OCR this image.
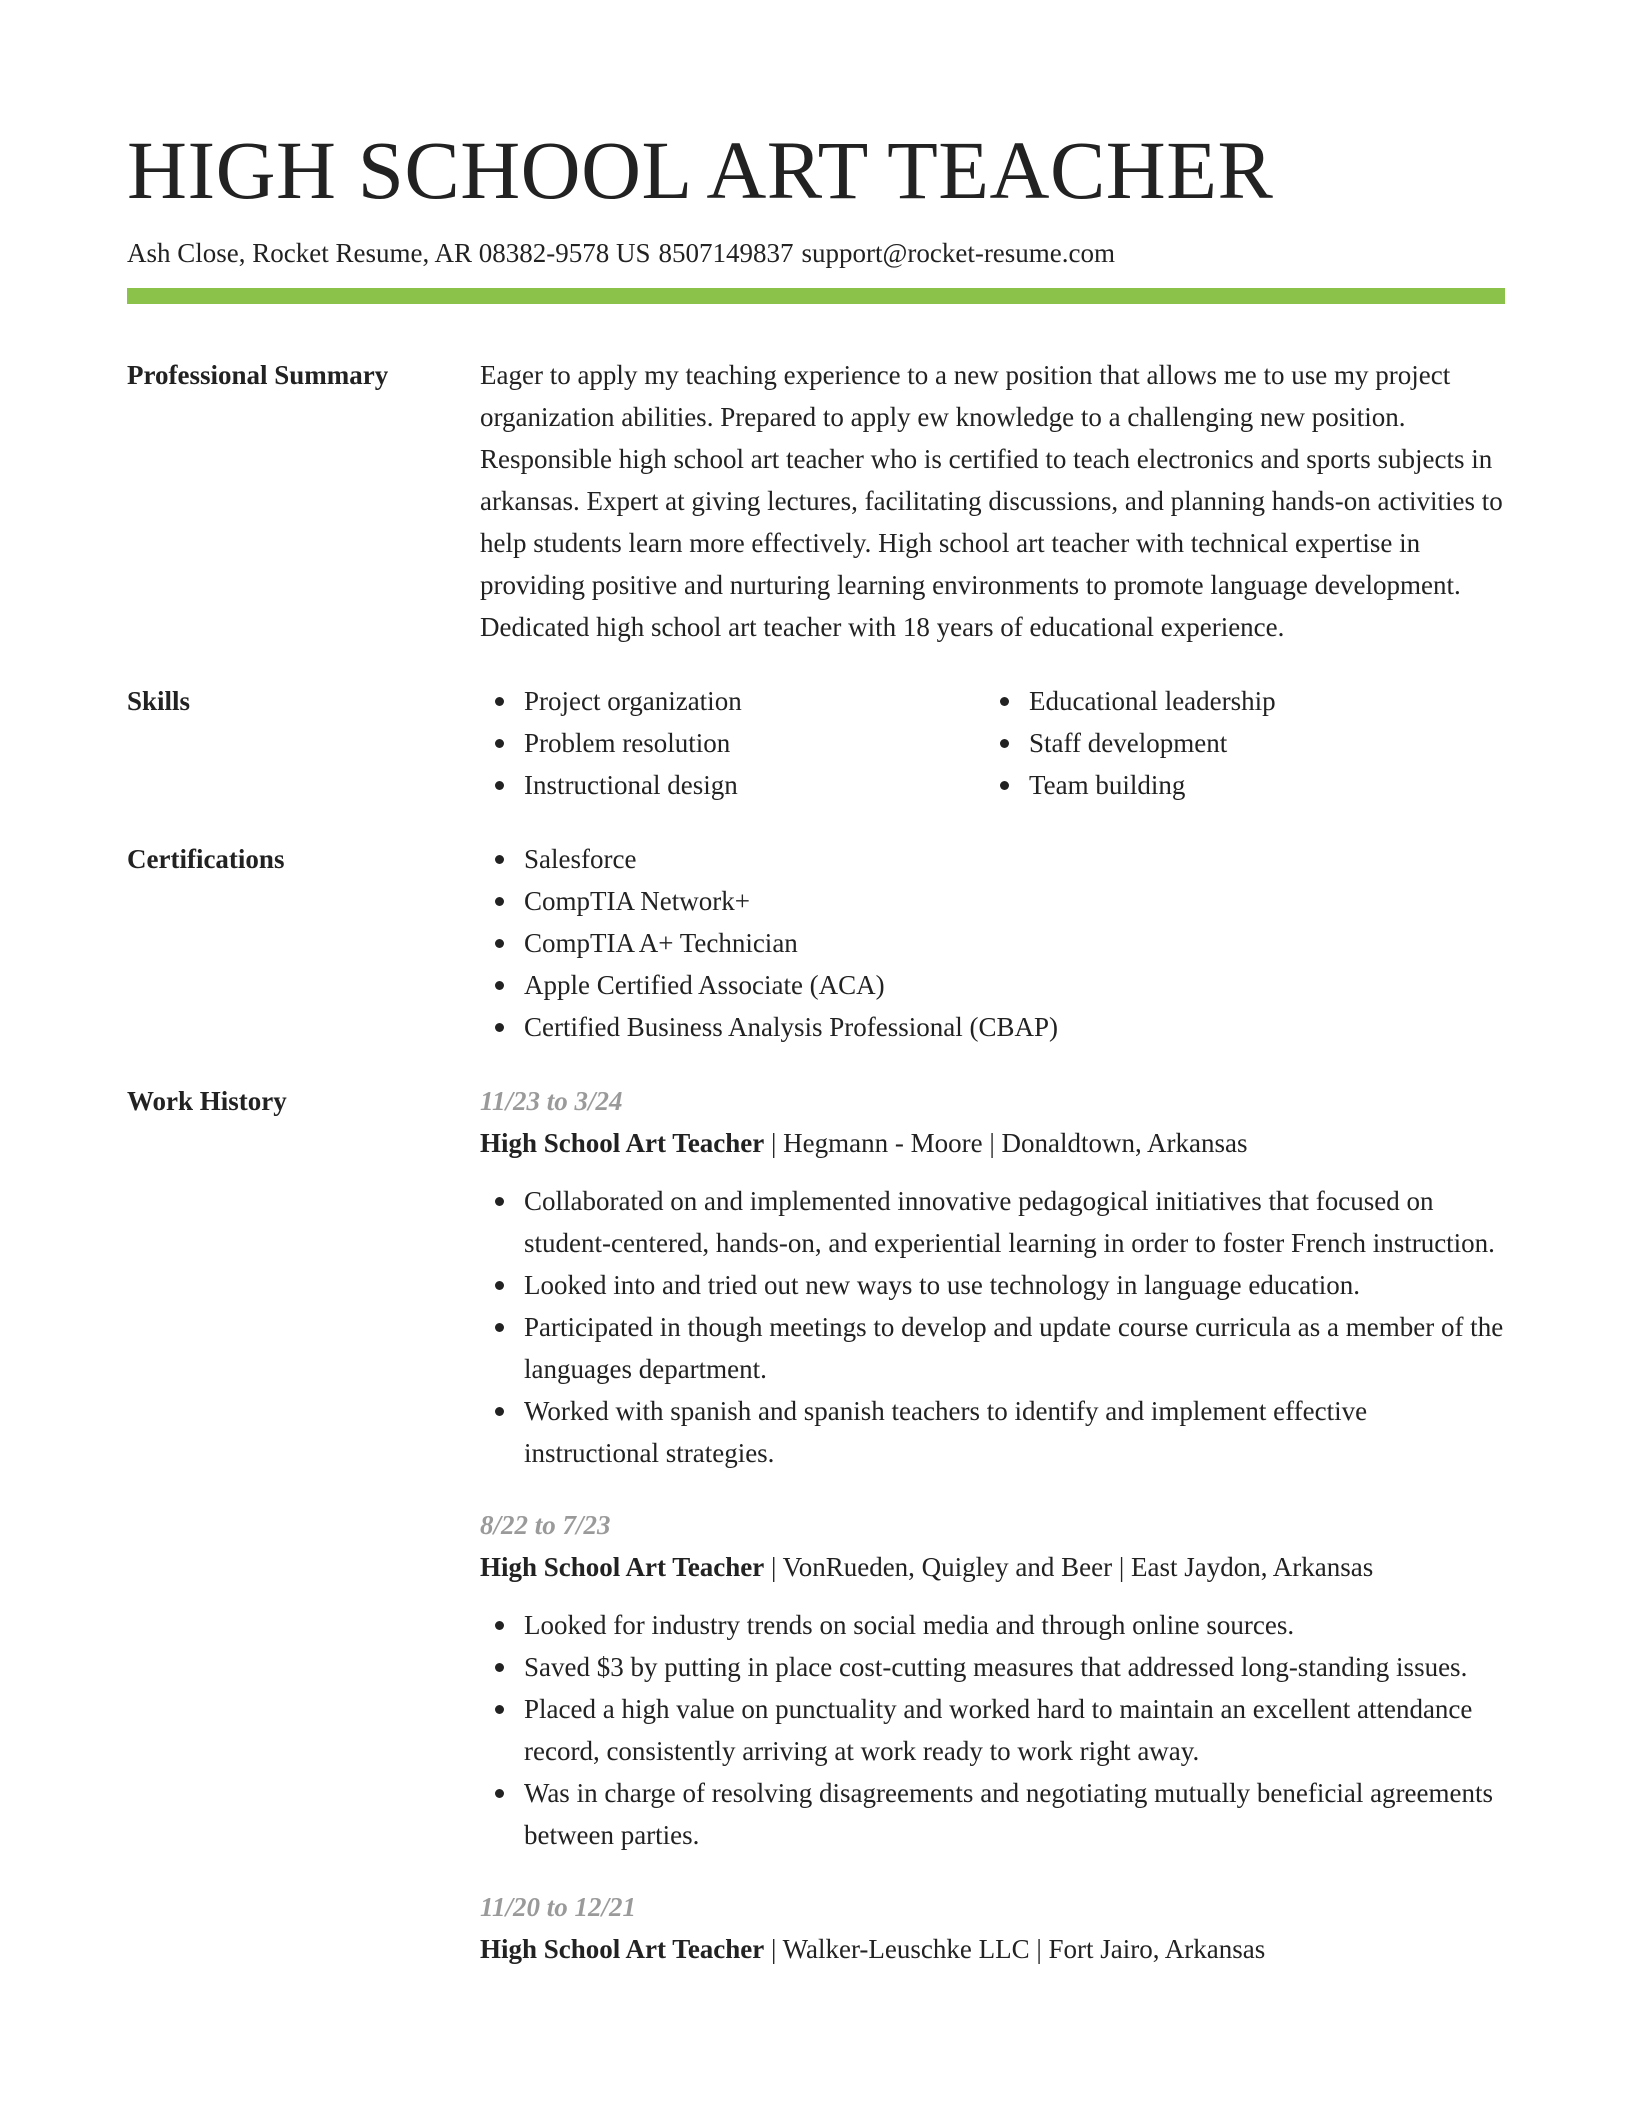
HIGH SCHOOL ART TEACHER
Ash Close, Rocket Resume, AR 08382-9578 US 8507149837 support@rocket-resume.com
Professional Summary	Eager to apply my teaching experience to a new position that allows me to use my project organization abilities. Prepared to apply ew knowledge to a challenging new position. Responsible high school art teacher who is certified to teach electronics and sports subjects in arkansas. Expert at giving lectures, facilitating discussions, and planning hands-on activities to help students learn more effectively. High school art teacher with technical expertise in providing positive and nurturing learning environments to promote language development. Dedicated high school art teacher with 18 years of educational experience.
Skills	Project organization
Problem resolution
Instructional design
Educational leadership
Staff development
Team building
Certifications	Salesforce
CompTIA Network+
CompTIA A+ Technician
Apple Certified Associate (ACA)
Certified Business Analysis Professional (CBAP)
Work History	11/23 to 3/24
High School Art Teacher | Hegmann - Moore | Donaldtown, Arkansas
Collaborated on and implemented innovative pedagogical initiatives that focused on student-centered, hands-on, and experiential learning in order to foster French instruction.
Looked into and tried out new ways to use technology in language education.
Participated in though meetings to develop and update course curricula as a member of the languages department.
Worked with spanish and spanish teachers to identify and implement effective instructional strategies.
8/22 to 7/23
High School Art Teacher | VonRueden, Quigley and Beer | East Jaydon, Arkansas
Looked for industry trends on social media and through online sources.
Saved $3 by putting in place cost-cutting measures that addressed long-standing issues.
Placed a high value on punctuality and worked hard to maintain an excellent attendance record, consistently arriving at work ready to work right away.
Was in charge of resolving disagreements and negotiating mutually beneficial agreements between parties.
11/20 to 12/21
High School Art Teacher | Walker-Leuschke LLC | Fort Jairo, Arkansas
